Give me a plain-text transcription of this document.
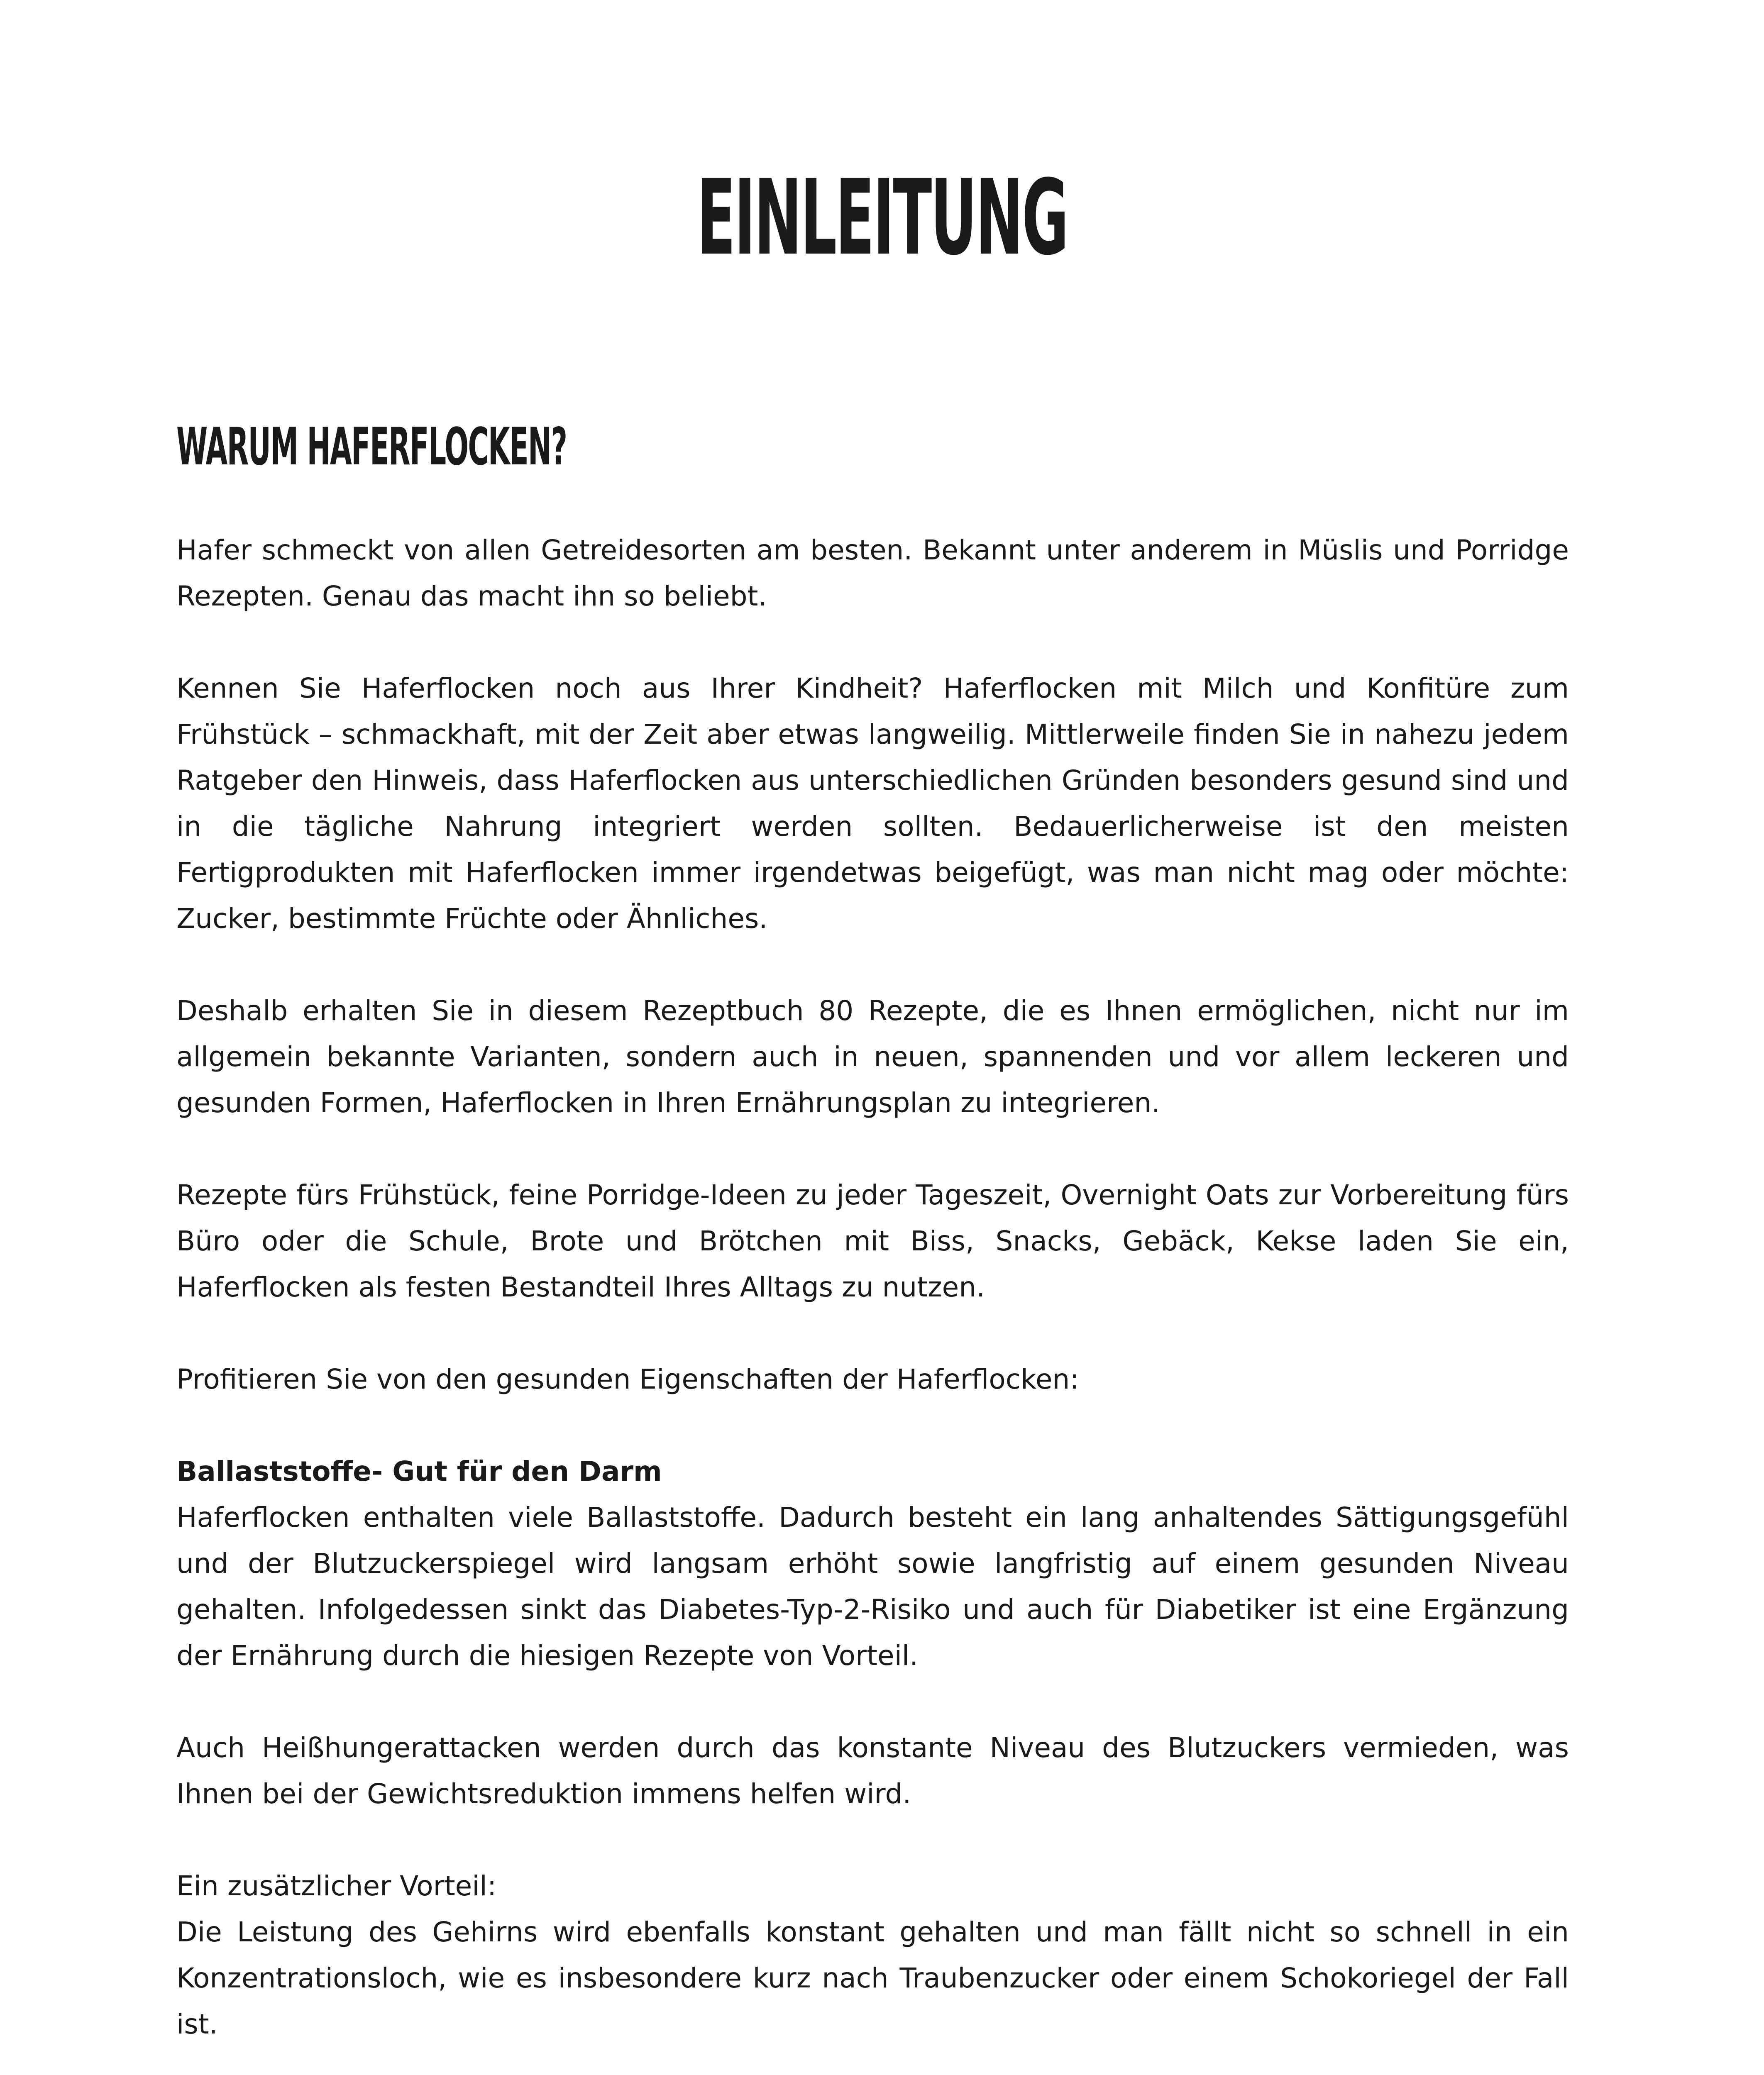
EINLEITUNG
WARUM HAFERFLOCKEN?

Hafer schmeckt von allen Getreidesorten am besten. Bekannt unter anderem in Müslis und Porridge Rezepten. Genau das macht ihn so beliebt.

Kennen Sie Haferflocken noch aus Ihrer Kindheit? Haferflocken mit Milch und Konfitüre zum Frühstück – schmackhaft, mit der Zeit aber etwas langweilig. Mittlerweile finden Sie in nahezu jedem Ratgeber den Hinweis, dass Haferflocken aus unterschiedlichen Gründen besonders gesund sind und in die tägliche Nahrung integriert werden sollten. Bedauerlicherweise ist den meisten Fertigprodukten mit Haferflocken immer irgendetwas beigefügt, was man nicht mag oder möchte: Zucker, bestimmte Früchte oder Ähnliches.

Deshalb erhalten Sie in diesem Rezeptbuch 80 Rezepte, die es Ihnen ermöglichen, nicht nur im allgemein bekannte Varianten, sondern auch in neuen, spannenden und vor allem leckeren und gesunden Formen, Haferflocken in Ihren Ernährungsplan zu integrieren.

Rezepte fürs Frühstück, feine Porridge-Ideen zu jeder Tageszeit, Overnight Oats zur Vorbereitung fürs Büro oder die Schule, Brote und Brötchen mit Biss, Snacks, Gebäck, Kekse laden Sie ein, Haferflocken als festen Bestandteil Ihres Alltags zu nutzen.

Profitieren Sie von den gesunden Eigenschaften der Haferflocken:

Ballaststoffe- Gut für den Darm
Haferflocken enthalten viele Ballaststoffe. Dadurch besteht ein lang anhaltendes Sättigungsgefühl und der Blutzuckerspiegel wird langsam erhöht sowie langfristig auf einem gesunden Niveau gehalten. Infolgedessen sinkt das Diabetes-Typ-2-Risiko und auch für Diabetiker ist eine Ergänzung der Ernährung durch die hiesigen Rezepte von Vorteil.

Auch Heißhungerattacken werden durch das konstante Niveau des Blutzuckers vermieden, was Ihnen bei der Gewichtsreduktion immens helfen wird.

Ein zusätzlicher Vorteil:
Die Leistung des Gehirns wird ebenfalls konstant gehalten und man fällt nicht so schnell in ein Konzentrationsloch, wie es insbesondere kurz nach Traubenzucker oder einem Schokoriegel der Fall ist.
